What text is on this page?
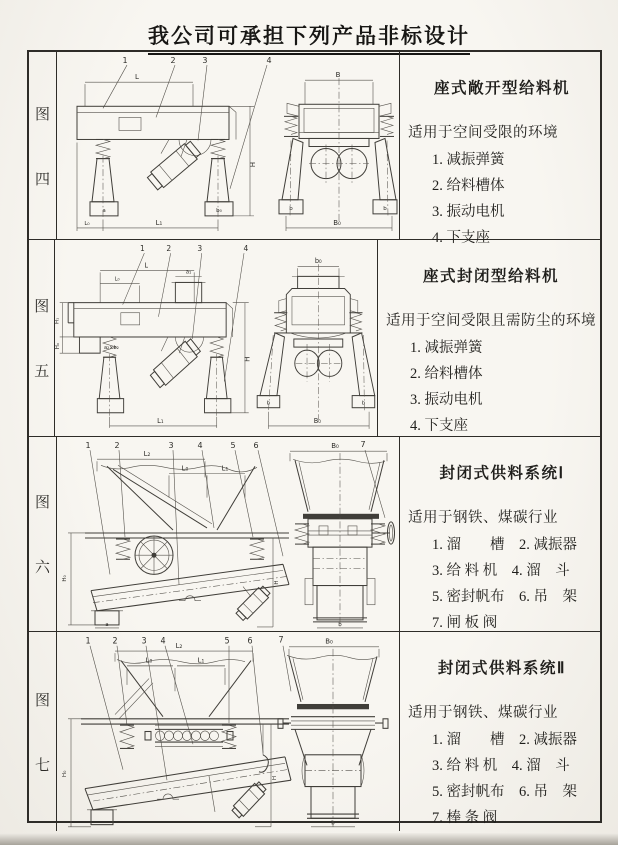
我公司可承担下列产品非标设计
图
四
1	2	3	4
L
a	b₀
H
L₀	L₁
B
b	b
B₀
座式敞开型给料机
适用于空间受限的环境
1. 减振弹簧
2. 给料槽体
3. 振动电机
4. 下支座
图
五
1	2	3	4
L
L₀
a₁
a₂×b₂
H₁
H₀
H
L₁
b₀
b	b
B₀
座式封闭型给料机
适用于空间受限且需防尘的环境
1. 减振弹簧
2. 给料槽体
3. 振动电机
4. 下支座
图
六
1	2	3	4	5 6
L₂
L₀	L₁
a
H₀
H
B₀	7
b
封闭式供料系统Ⅰ
适用于钢铁、煤碳行业
1. 溜　　槽　2. 减振器
3. 给 料 机　4. 溜　斗
5. 密封帆布　6. 吊　架
7. 闸 板 阀
图
七
1	2	3 4	5 6
L₂
L₀	L₁
H₀
H
7	B₀
b
封闭式供料系统Ⅱ
适用于钢铁、煤碳行业
1. 溜　　槽　2. 减振器
3. 给 料 机　4. 溜　斗
5. 密封帆布　6. 吊　架
7. 棒 条 阀
